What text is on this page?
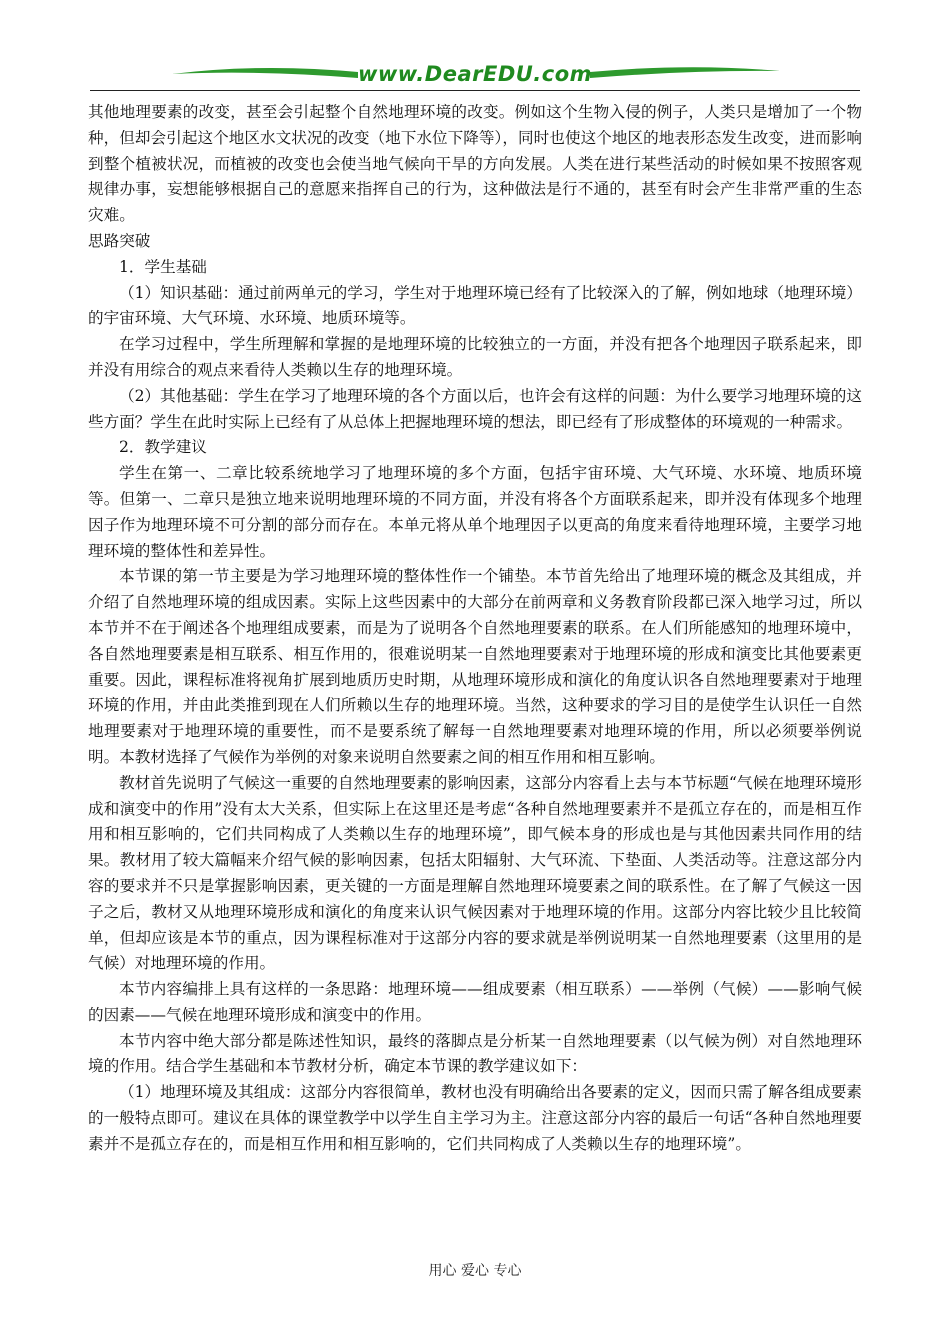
www.DearEDU.com

其他地理要素的改变，甚至会引起整个自然地理环境的改变。例如这个生物入侵的例子，人类只是增加了一个物种，但却会引起这个地区水文状况的改变（地下水位下降等），同时也使这个地区的地表形态发生改变，进而影响到整个植被状况，而植被的改变也会使当地气候向干旱的方向发展。人类在进行某些活动的时候如果不按照客观规律办事，妄想能够根据自己的意愿来指挥自己的行为，这种做法是行不通的，甚至有时会产生非常严重的生态灾难。

思路突破

1．学生基础

（1）知识基础：通过前两单元的学习，学生对于地理环境已经有了比较深入的了解，例如地球（地理环境）的宇宙环境、大气环境、水环境、地质环境等。

在学习过程中，学生所理解和掌握的是地理环境的比较独立的一方面，并没有把各个地理因子联系起来，即并没有用综合的观点来看待人类赖以生存的地理环境。

（2）其他基础：学生在学习了地理环境的各个方面以后，也许会有这样的问题：为什么要学习地理环境的这些方面？学生在此时实际上已经有了从总体上把握地理环境的想法，即已经有了形成整体的环境观的一种需求。

2．教学建议

学生在第一、二章比较系统地学习了地理环境的多个方面，包括宇宙环境、大气环境、水环境、地质环境等。但第一、二章只是独立地来说明地理环境的不同方面，并没有将各个方面联系起来，即并没有体现多个地理因子作为地理环境不可分割的部分而存在。本单元将从单个地理因子以更高的角度来看待地理环境，主要学习地理环境的整体性和差异性。

本节课的第一节主要是为学习地理环境的整体性作一个铺垫。本节首先给出了地理环境的概念及其组成，并介绍了自然地理环境的组成因素。实际上这些因素中的大部分在前两章和义务教育阶段都已深入地学习过，所以本节并不在于阐述各个地理组成要素，而是为了说明各个自然地理要素的联系。在人们所能感知的地理环境中，各自然地理要素是相互联系、相互作用的，很难说明某一自然地理要素对于地理环境的形成和演变比其他要素更重要。因此，课程标准将视角扩展到地质历史时期，从地理环境形成和演化的角度认识各自然地理要素对于地理环境的作用，并由此类推到现在人们所赖以生存的地理环境。当然，这种要求的学习目的是使学生认识任一自然地理要素对于地理环境的重要性，而不是要系统了解每一自然地理要素对地理环境的作用，所以必须要举例说明。本教材选择了气候作为举例的对象来说明自然要素之间的相互作用和相互影响。

教材首先说明了气候这一重要的自然地理要素的影响因素，这部分内容看上去与本节标题“气候在地理环境形成和演变中的作用”没有太大关系，但实际上在这里还是考虑“各种自然地理要素并不是孤立存在的，而是相互作用和相互影响的，它们共同构成了人类赖以生存的地理环境”，即气候本身的形成也是与其他因素共同作用的结果。教材用了较大篇幅来介绍气候的影响因素，包括太阳辐射、大气环流、下垫面、人类活动等。注意这部分内容的要求并不只是掌握影响因素，更关键的一方面是理解自然地理环境要素之间的联系性。在了解了气候这一因子之后，教材又从地理环境形成和演化的角度来认识气候因素对于地理环境的作用。这部分内容比较少且比较简单，但却应该是本节的重点，因为课程标准对于这部分内容的要求就是举例说明某一自然地理要素（这里用的是气候）对地理环境的作用。

本节内容编排上具有这样的一条思路：地理环境——组成要素（相互联系）——举例（气候）——影响气候的因素——气候在地理环境形成和演变中的作用。

本节内容中绝大部分都是陈述性知识，最终的落脚点是分析某一自然地理要素（以气候为例）对自然地理环境的作用。结合学生基础和本节教材分析，确定本节课的教学建议如下：

（1）地理环境及其组成：这部分内容很简单，教材也没有明确给出各要素的定义，因而只需了解各组成要素的一般特点即可。建议在具体的课堂教学中以学生自主学习为主。注意这部分内容的最后一句话“各种自然地理要素并不是孤立存在的，而是相互作用和相互影响的，它们共同构成了人类赖以生存的地理环境”。

用心 爱心 专心
